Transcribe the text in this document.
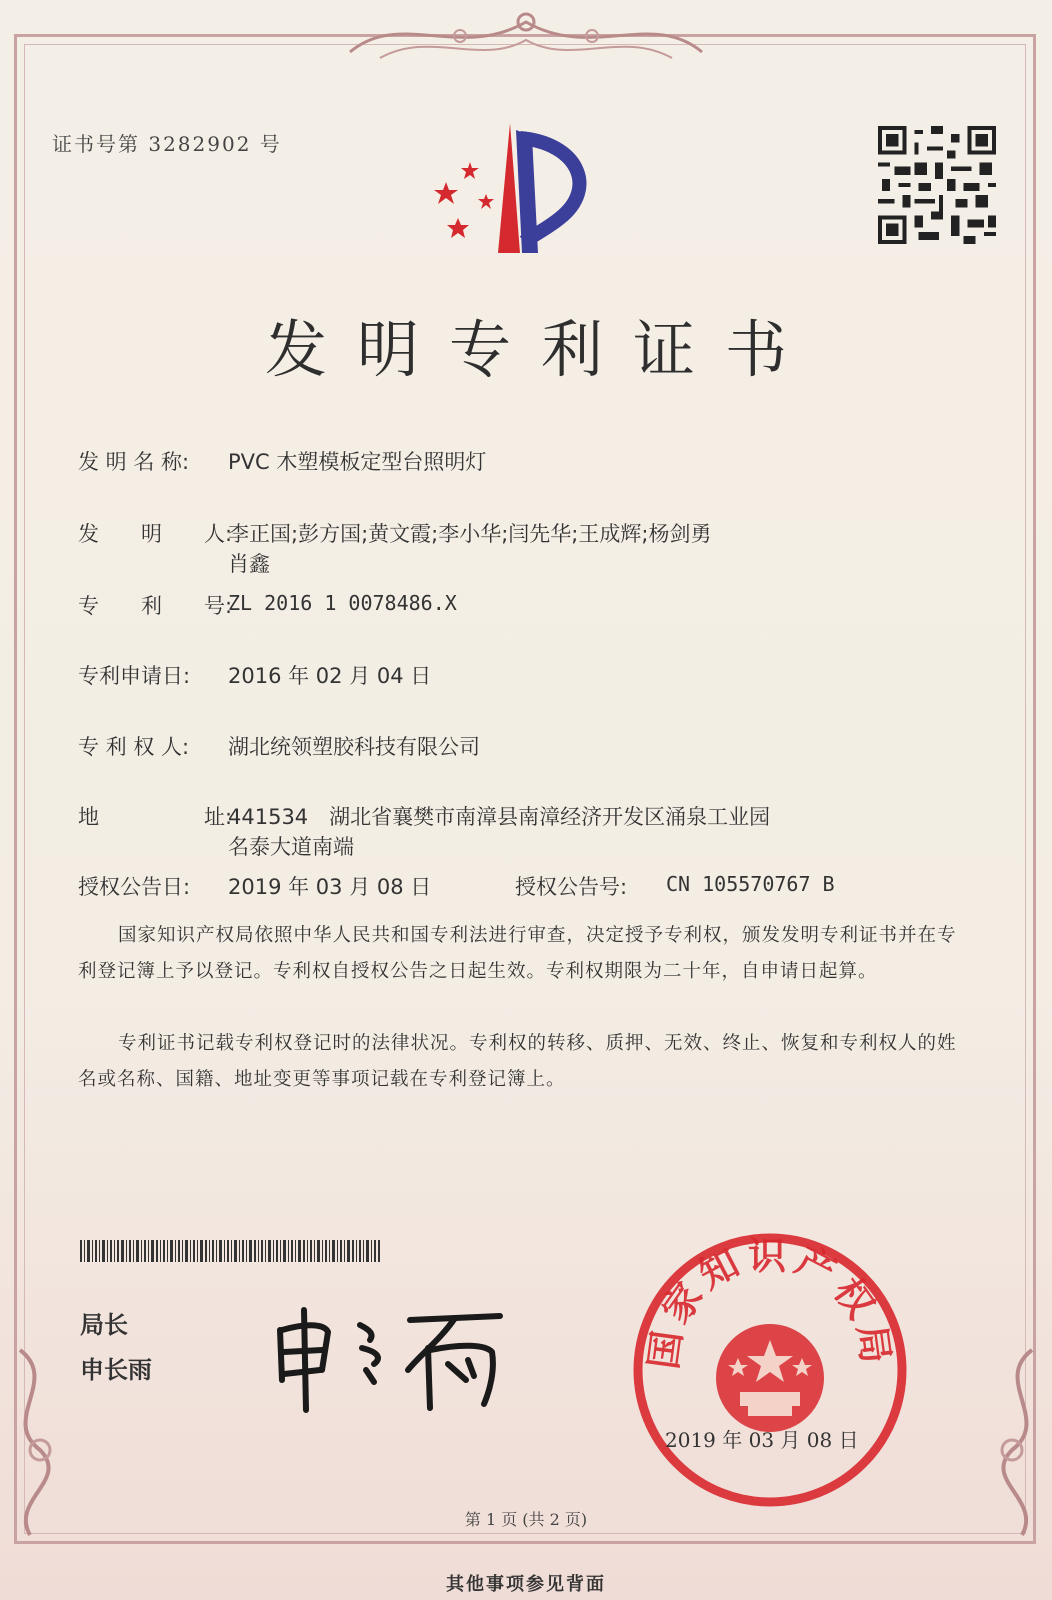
证书号第 3282902 号
发明专利证书
发 明 名 称: PVC 木塑模板定型台照明灯
发　　明　　人:
李正国;彭方国;黄文霞;李小华;闫先华;王成辉;杨剑勇
肖鑫
专　　利　　号:
ZL 2016 1 0078486.X
专利申请日: 2016 年 02 月 04 日
专 利 权 人: 湖北统领塑胶科技有限公司
地　　　　　址:
441534　湖北省襄樊市南漳县南漳经济开发区涌泉工业园
名泰大道南端
授权公告日: 2019 年 03 月 08 日	授权公告号: CN 105570767 B
国家知识产权局依照中华人民共和国专利法进行审查，决定授予专利权，颁发发明专利证书并在专利登记簿上予以登记。专利权自授权公告之日起生效。专利权期限为二十年，自申请日起算。
专利证书记载专利权登记时的法律状况。专利权的转移、质押、无效、终止、恢复和专利权人的姓名或名称、国籍、地址变更等事项记载在专利登记簿上。
局长
申长雨	国家知识产权局
2019 年 03 月 08 日
第 1 页 (共 2 页)
其他事项参见背面
